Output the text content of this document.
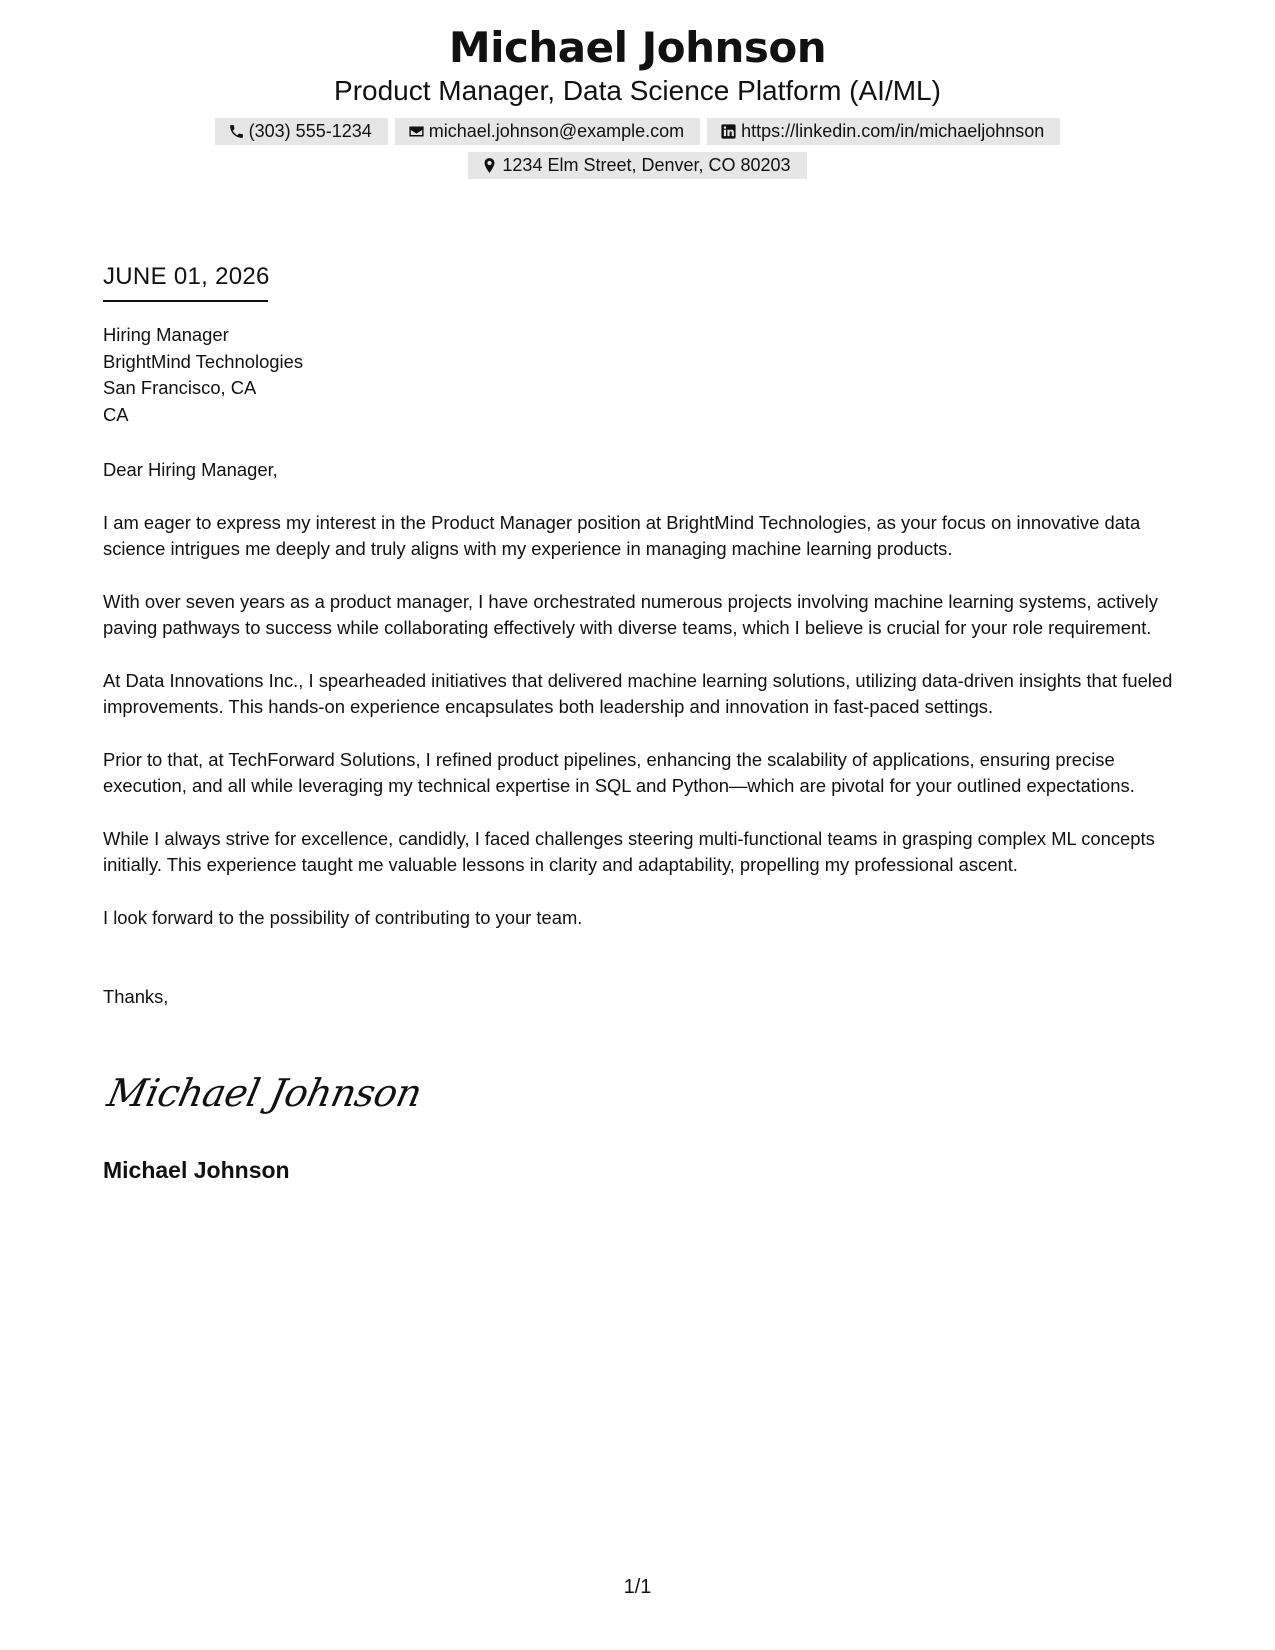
Michael Johnson
Product Manager, Data Science Platform (AI/ML)
(303) 555-1234	michael.johnson@example.com	https://linkedin.com/in/michaeljohnson
1234 Elm Street, Denver, CO 80203
JUNE 01, 2026
Hiring Manager
BrightMind Technologies
San Francisco, CA
CA
Dear Hiring Manager,
I am eager to express my interest in the Product Manager position at BrightMind Technologies, as your focus on innovative data science intrigues me deeply and truly aligns with my experience in managing machine learning products.
With over seven years as a product manager, I have orchestrated numerous projects involving machine learning systems, actively paving pathways to success while collaborating effectively with diverse teams, which I believe is crucial for your role requirement.
At Data Innovations Inc., I spearheaded initiatives that delivered machine learning solutions, utilizing data-driven insights that fueled improvements. This hands-on experience encapsulates both leadership and innovation in fast-paced settings.
Prior to that, at TechForward Solutions, I refined product pipelines, enhancing the scalability of applications, ensuring precise execution, and all while leveraging my technical expertise in SQL and Python—which are pivotal for your outlined expectations.
While I always strive for excellence, candidly, I faced challenges steering multi-functional teams in grasping complex ML concepts initially. This experience taught me valuable lessons in clarity and adaptability, propelling my professional ascent.
I look forward to the possibility of contributing to your team.
Thanks,
Michael Johnson
Michael Johnson
1/1
